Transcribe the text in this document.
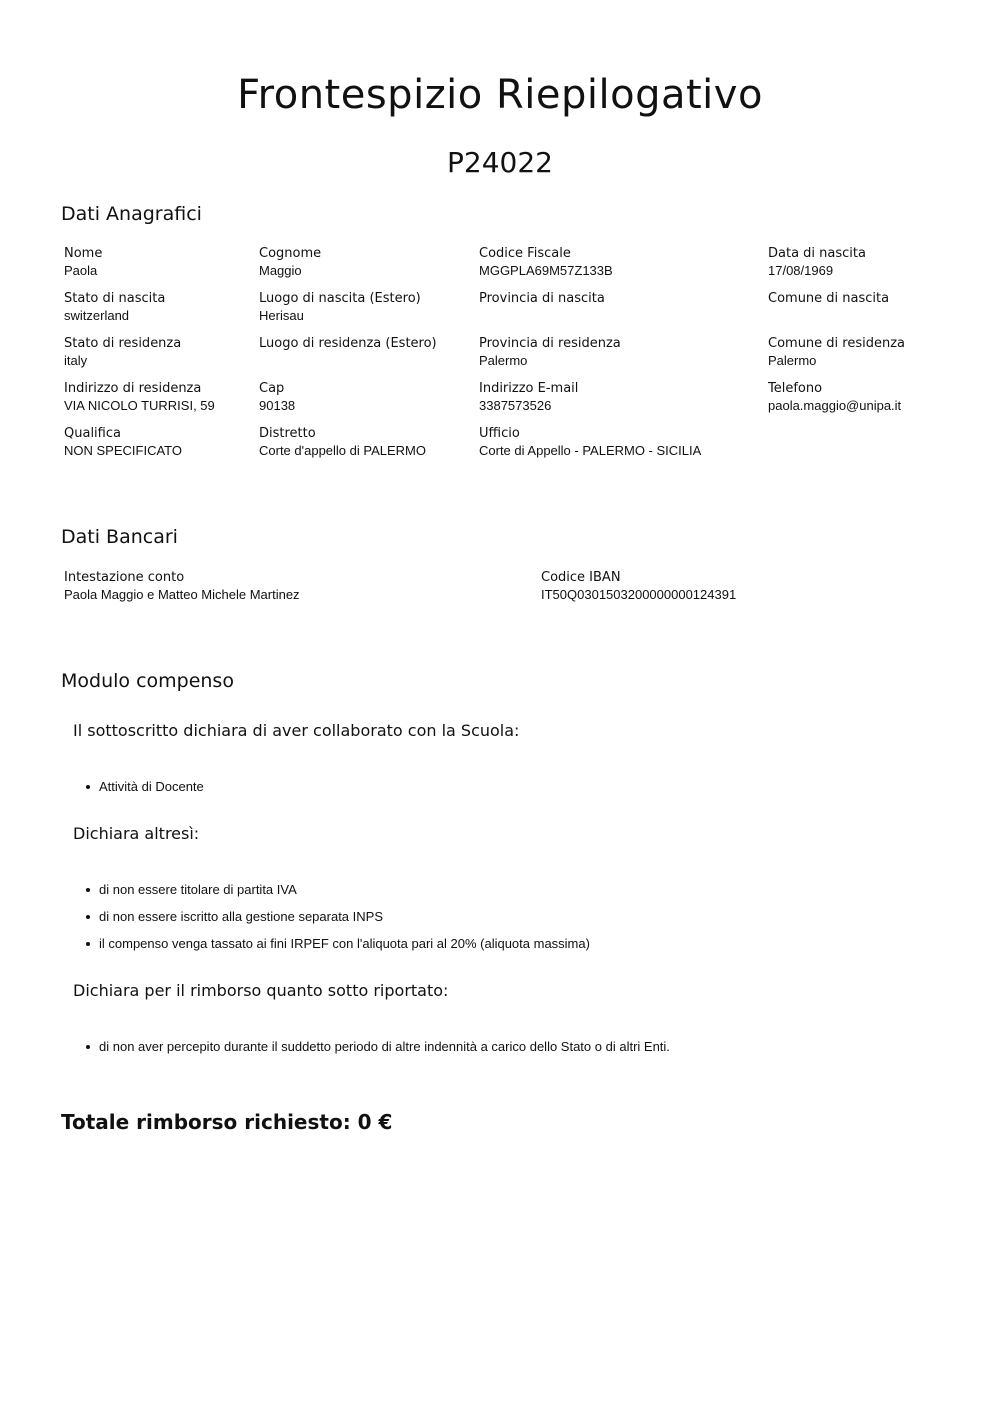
Frontespizio Riepilogativo
P24022
Dati Anagrafici
Nome
Paola
Cognome
Maggio
Codice Fiscale
MGGPLA69M57Z133B
Data di nascita
17/08/1969
Stato di nascita
switzerland
Luogo di nascita (Estero)
Herisau
Provincia di nascita	Comune di nascita
Stato di residenza
italy
Luogo di residenza (Estero)	Provincia di residenza
Palermo
Comune di residenza
Palermo
Indirizzo di residenza
VIA NICOLO TURRISI, 59
Cap
90138
Indirizzo E-mail
3387573526
Telefono
paola.maggio@unipa.it
Qualifica
NON SPECIFICATO
Distretto
Corte d'appello di PALERMO
Ufficio
Corte di Appello - PALERMO - SICILIA
Dati Bancari
Intestazione conto
Paola Maggio e Matteo Michele Martinez
Codice IBAN
IT50Q0301503200000000124391
Modulo compenso
Il sottoscritto dichiara di aver collaborato con la Scuola:
Attività di Docente
Dichiara altresì:
di non essere titolare di partita IVA
di non essere iscritto alla gestione separata INPS
il compenso venga tassato ai fini IRPEF con l'aliquota pari al 20% (aliquota massima)
Dichiara per il rimborso quanto sotto riportato:
di non aver percepito durante il suddetto periodo di altre indennità a carico dello Stato o di altri Enti.
Totale rimborso richiesto: 0 €
